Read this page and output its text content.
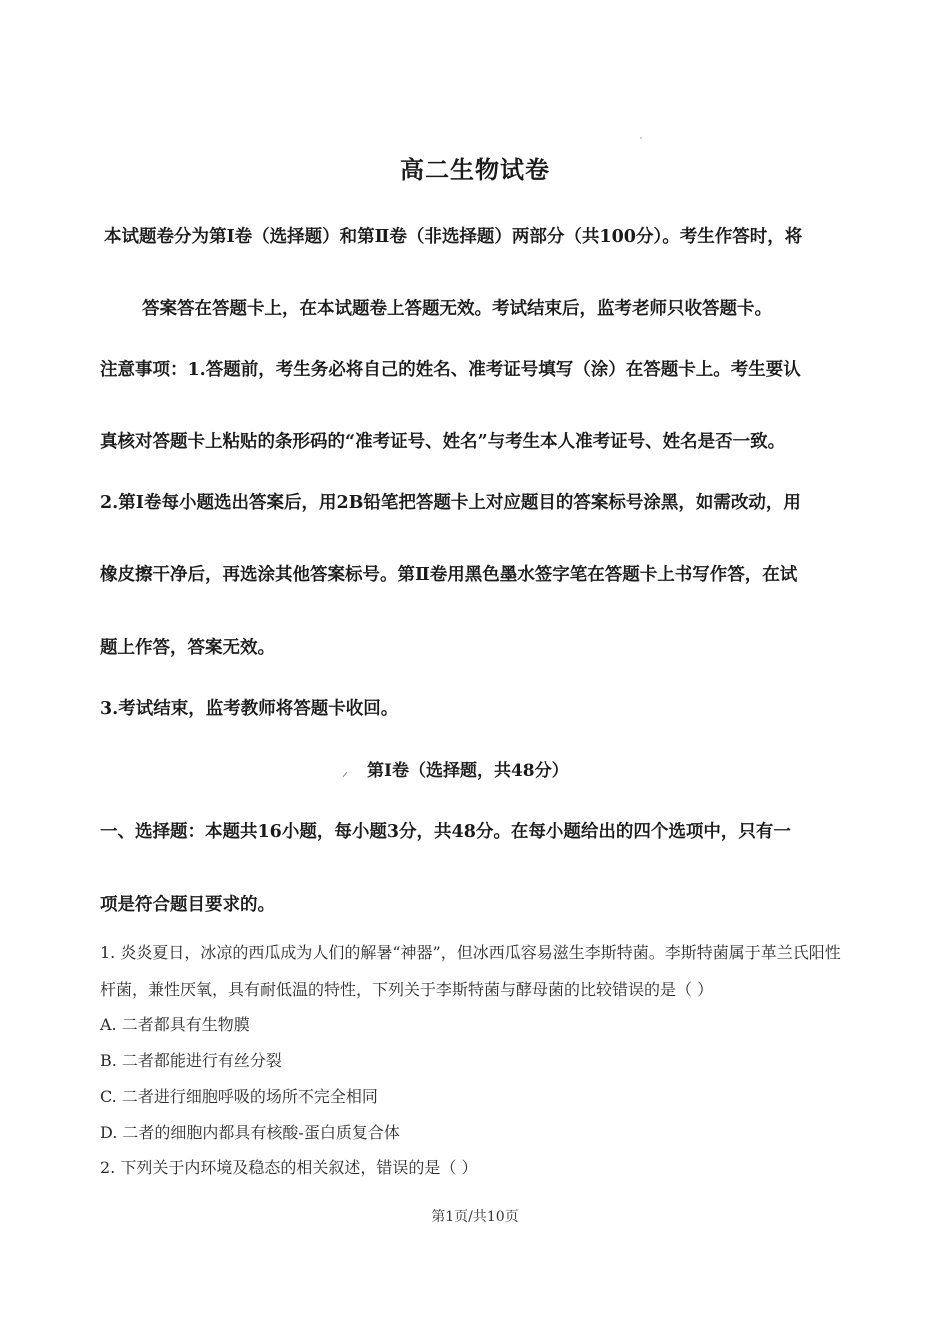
高二生物试卷
本试题卷分为第Ⅰ卷（选择题）和第Ⅱ卷（非选择题）两部分（共100分）。考生作答时，将
答案答在答题卡上，在本试题卷上答题无效。考试结束后，监考老师只收答题卡。
注意事项：1.答题前，考生务必将自己的姓名、准考证号填写（涂）在答题卡上。考生要认
真核对答题卡上粘贴的条形码的“准考证号、姓名”与考生本人准考证号、姓名是否一致。
2.第Ⅰ卷每小题选出答案后，用2B铅笔把答题卡上对应题目的答案标号涂黑，如需改动，用
橡皮擦干净后，再选涂其他答案标号。第Ⅱ卷用黑色墨水签字笔在答题卡上书写作答，在试
题上作答，答案无效。
3.考试结束，监考教师将答题卡收回。
第Ⅰ卷（选择题，共48分）
一、选择题：本题共16小题，每小题3分，共48分。在每小题给出的四个选项中，只有一
项是符合题目要求的。
1. 炎炎夏日，冰凉的西瓜成为人们的解暑“神器”，但冰西瓜容易滋生李斯特菌。李斯特菌属于革兰氏阳性
杆菌，兼性厌氧，具有耐低温的特性，下列关于李斯特菌与酵母菌的比较错误的是（ ）
A. 二者都具有生物膜
B. 二者都能进行有丝分裂
C. 二者进行细胞呼吸的场所不完全相同
D. 二者的细胞内都具有核酸-蛋白质复合体
2. 下列关于内环境及稳态的相关叙述，错误的是（ ）
第1页/共10页
